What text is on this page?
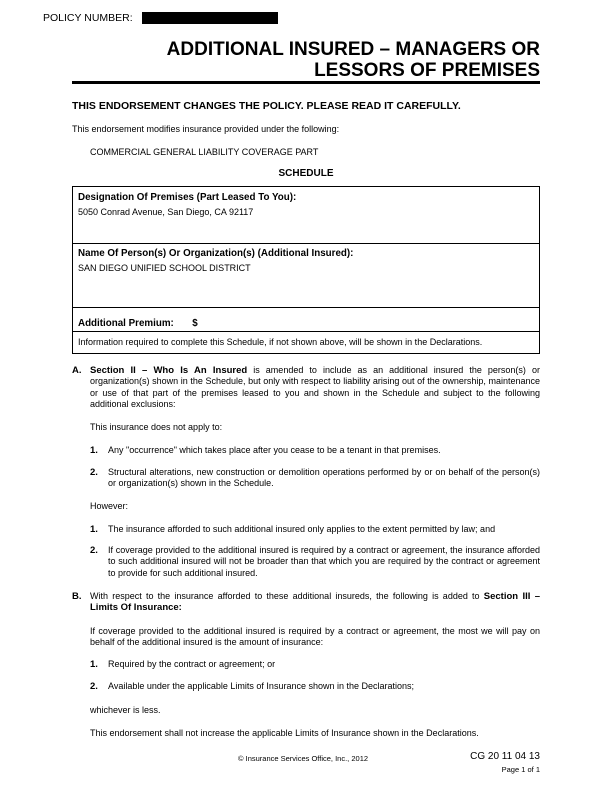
POLICY NUMBER:
ADDITIONAL INSURED – MANAGERS OR
LESSORS OF PREMISES
THIS ENDORSEMENT CHANGES THE POLICY. PLEASE READ IT CAREFULLY.
This endorsement modifies insurance provided under the following:
COMMERCIAL GENERAL LIABILITY COVERAGE PART
SCHEDULE
Designation Of Premises (Part Leased To You):
5050 Conrad Avenue, San Diego, CA 92117
Name Of Person(s) Or Organization(s) (Additional Insured):
SAN DIEGO UNIFIED SCHOOL DISTRICT
Additional Premium: $
Information required to complete this Schedule, if not shown above, will be shown in the Declarations.
A. Section II – Who Is An Insured is amended to include as an additional insured the person(s) or organization(s) shown in the Schedule, but only with respect to liability arising out of the ownership, maintenance or use of that part of the premises leased to you and shown in the Schedule and subject to the following additional exclusions:
This insurance does not apply to:
1. Any "occurrence" which takes place after you cease to be a tenant in that premises.
2. Structural alterations, new construction or demolition operations performed by or on behalf of the person(s) or organization(s) shown in the Schedule.
However:
1. The insurance afforded to such additional insured only applies to the extent permitted by law; and
2. If coverage provided to the additional insured is required by a contract or agreement, the insurance afforded to such additional insured will not be broader than that which you are required by the contract or agreement to provide for such additional insured.
B. With respect to the insurance afforded to these additional insureds, the following is added to Section III – Limits Of Insurance:
If coverage provided to the additional insured is required by a contract or agreement, the most we will pay on behalf of the additional insured is the amount of insurance:
1. Required by the contract or agreement; or
2. Available under the applicable Limits of Insurance shown in the Declarations;
whichever is less.
This endorsement shall not increase the applicable Limits of Insurance shown in the Declarations.
© Insurance Services Office, Inc., 2012	CG 20 11 04 13
Page 1 of 1
